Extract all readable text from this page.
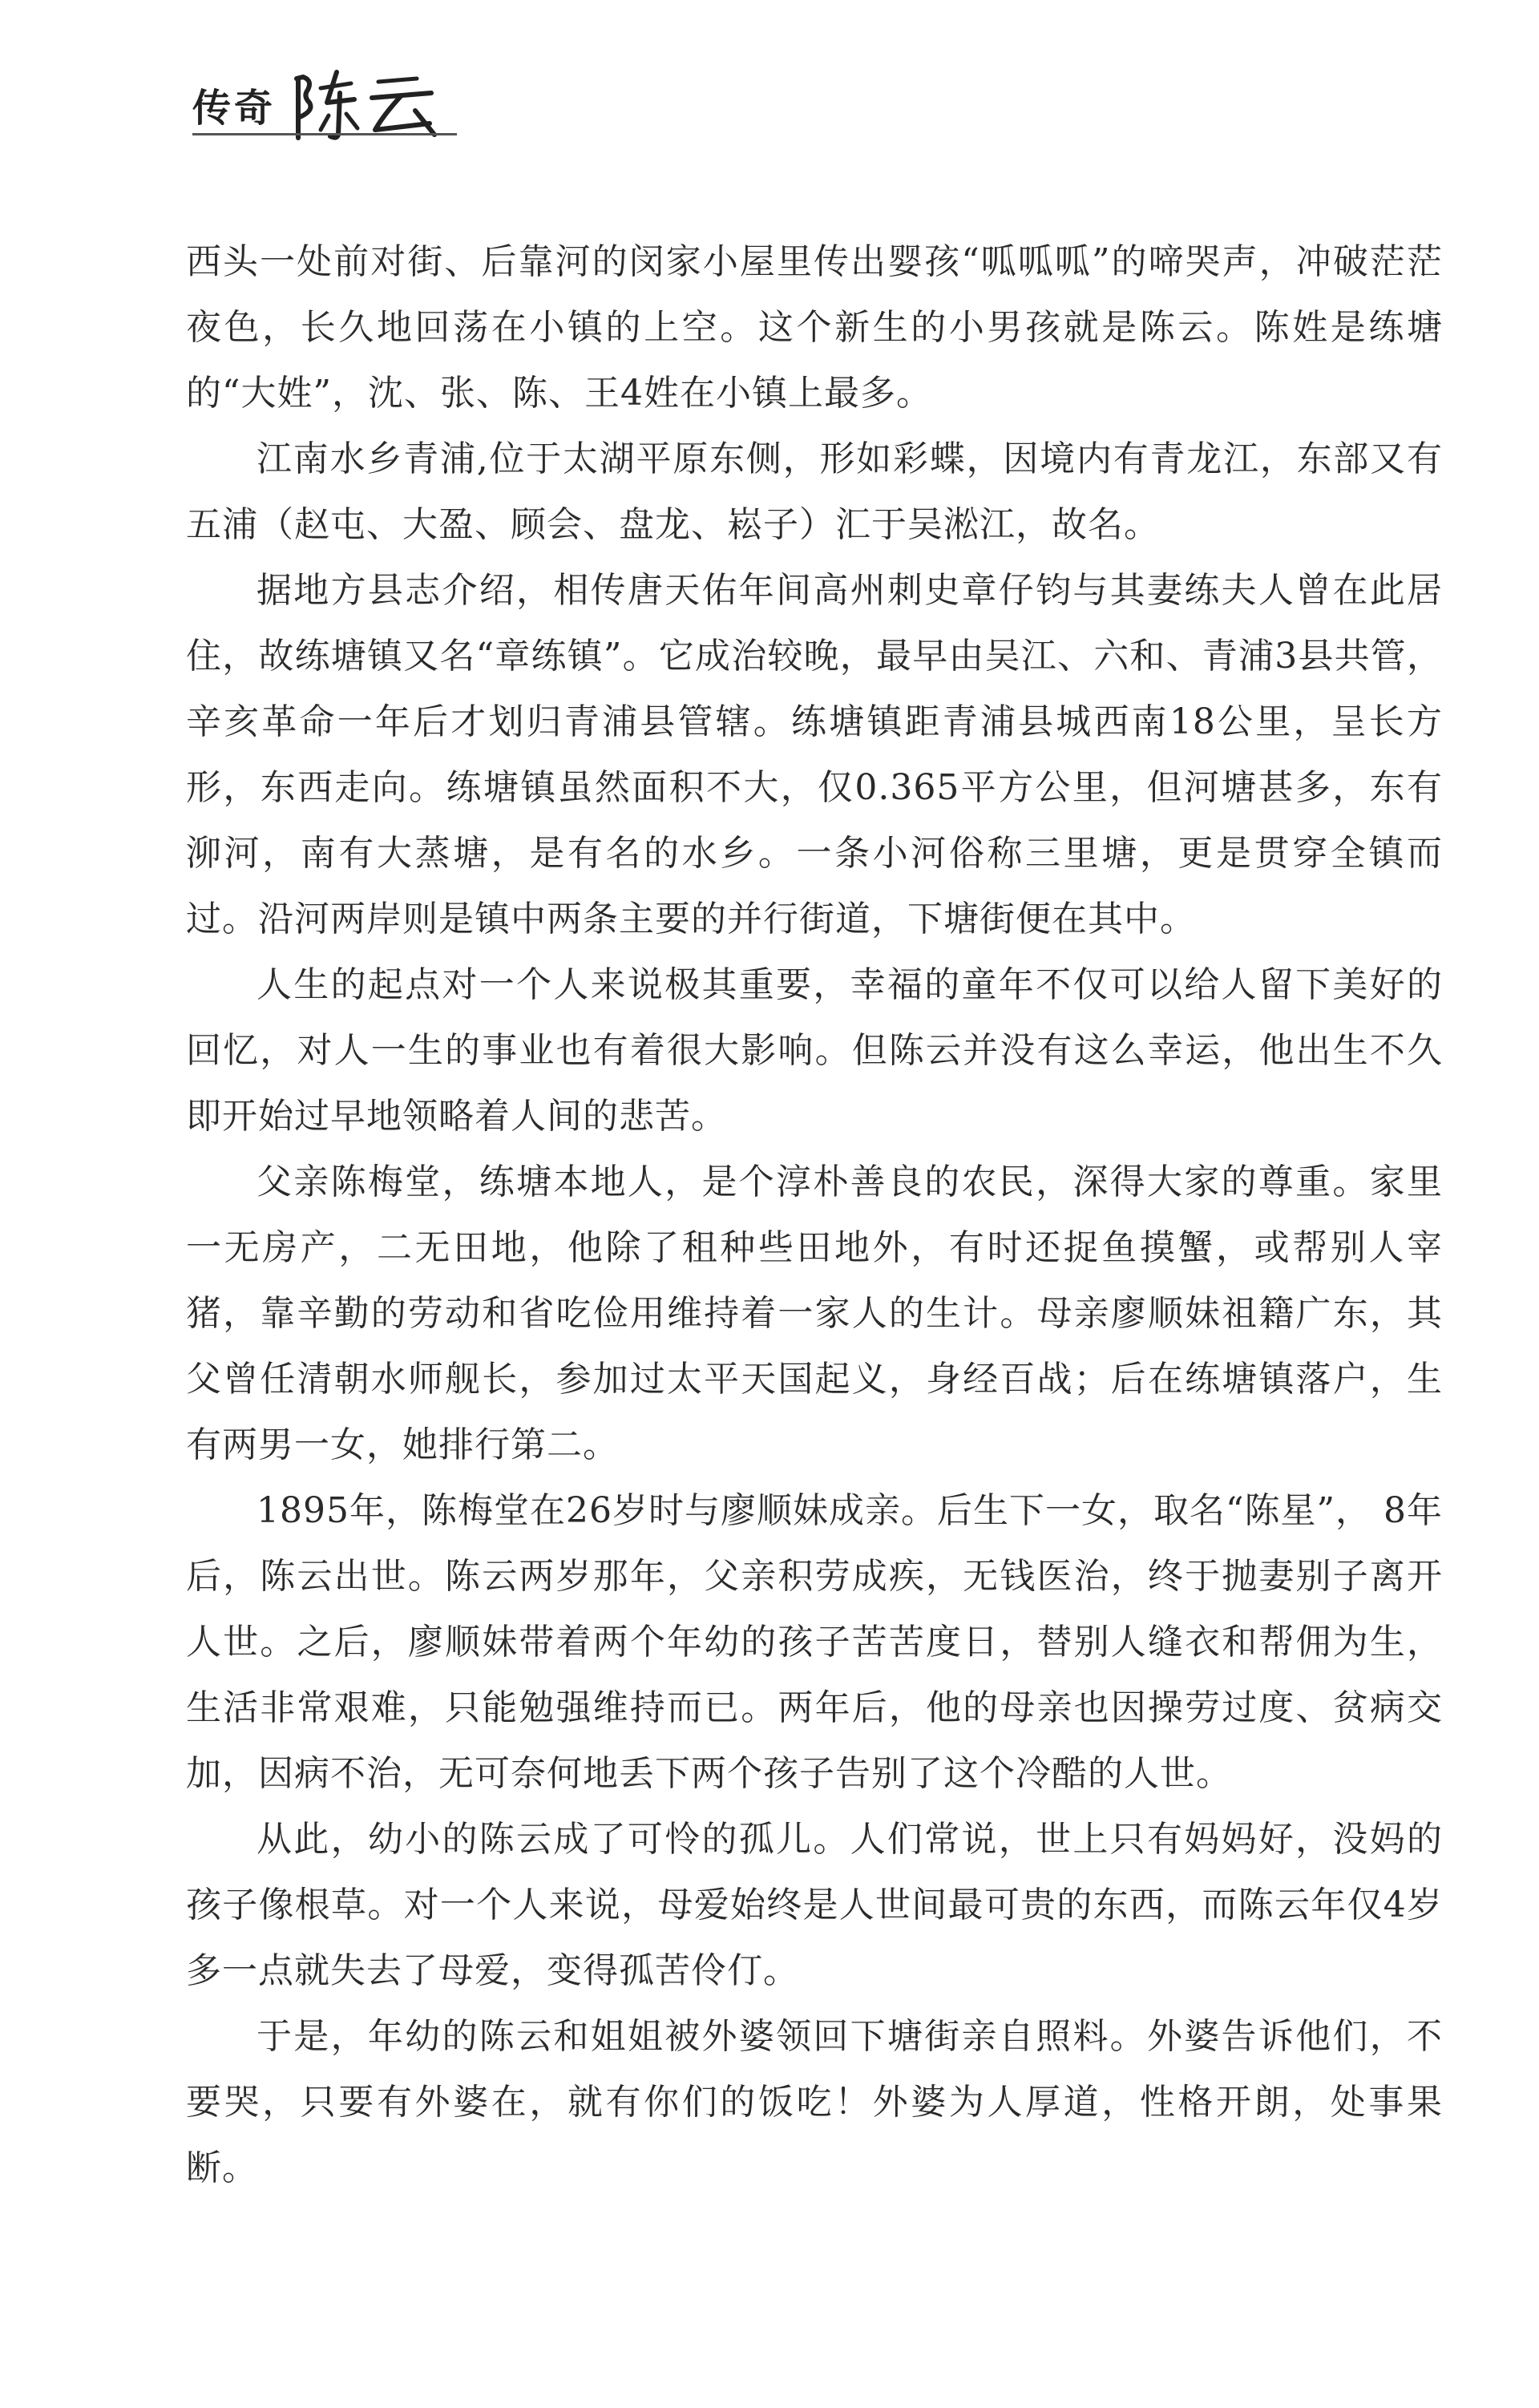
传奇

西头一处前对街、后靠河的闵家小屋里传出婴孩“呱呱呱”的啼哭声，冲破茫茫夜色，长久地回荡在小镇的上空。这个新生的小男孩就是陈云。陈姓是练塘的“大姓”，沈、张、陈、王4姓在小镇上最多。

江南水乡青浦,位于太湖平原东侧，形如彩蝶，因境内有青龙江，东部又有五浦（赵屯、大盈、顾会、盘龙、崧子）汇于吴淞江，故名。

据地方县志介绍，相传唐天佑年间高州刺史章仔钧与其妻练夫人曾在此居住，故练塘镇又名“章练镇”。它成治较晚，最早由吴江、六和、青浦3县共管，辛亥革命一年后才划归青浦县管辖。练塘镇距青浦县城西南18公里，呈长方形，东西走向。练塘镇虽然面积不大，仅0.365平方公里，但河塘甚多，东有泖河，南有大蒸塘，是有名的水乡。一条小河俗称三里塘，更是贯穿全镇而过。沿河两岸则是镇中两条主要的并行街道，下塘街便在其中。

人生的起点对一个人来说极其重要，幸福的童年不仅可以给人留下美好的回忆，对人一生的事业也有着很大影响。但陈云并没有这么幸运，他出生不久即开始过早地领略着人间的悲苦。

父亲陈梅堂，练塘本地人，是个淳朴善良的农民，深得大家的尊重。家里一无房产，二无田地，他除了租种些田地外，有时还捉鱼摸蟹，或帮别人宰猪，靠辛勤的劳动和省吃俭用维持着一家人的生计。母亲廖顺妹祖籍广东，其父曾任清朝水师舰长，参加过太平天国起义，身经百战；后在练塘镇落户，生有两男一女，她排行第二。

1895年，陈梅堂在26岁时与廖顺妹成亲。后生下一女，取名“陈星”， 8年后，陈云出世。陈云两岁那年，父亲积劳成疾，无钱医治，终于抛妻别子离开人世。之后，廖顺妹带着两个年幼的孩子苦苦度日，替别人缝衣和帮佣为生，生活非常艰难，只能勉强维持而已。两年后，他的母亲也因操劳过度、贫病交加，因病不治，无可奈何地丢下两个孩子告别了这个冷酷的人世。

从此，幼小的陈云成了可怜的孤儿。人们常说，世上只有妈妈好，没妈的孩子像根草。对一个人来说，母爱始终是人世间最可贵的东西，而陈云年仅4岁多一点就失去了母爱，变得孤苦伶仃。

于是，年幼的陈云和姐姐被外婆领回下塘街亲自照料。外婆告诉他们，不要哭，只要有外婆在，就有你们的饭吃！外婆为人厚道，性格开朗，处事果断。
